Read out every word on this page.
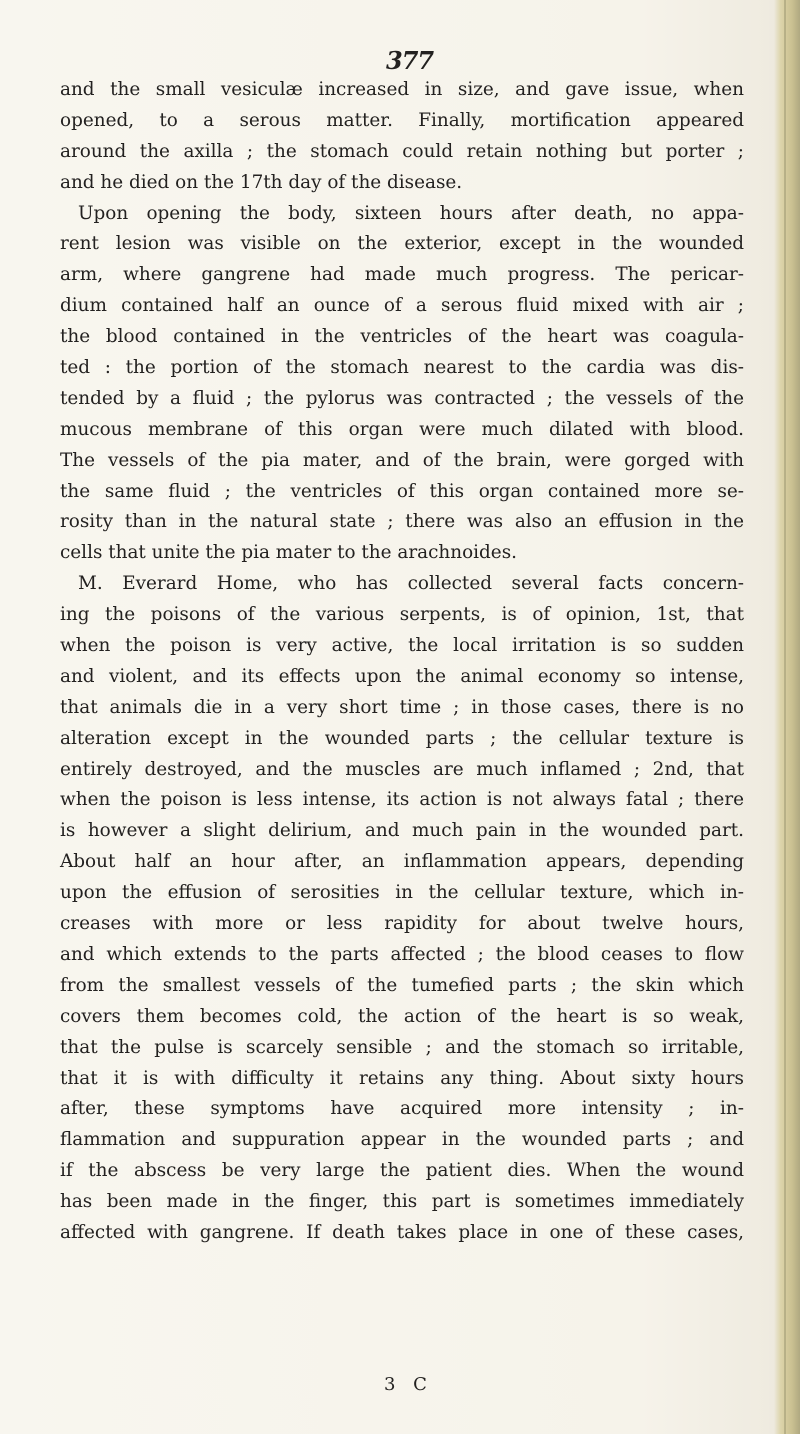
377
and the small vesiculæ increased in size, and gave issue, when
opened, to a serous matter. Finally, mortification appeared
around the axilla ; the stomach could retain nothing but porter ;
and he died on the 17th day of the disease.
Upon opening the body, sixteen hours after death, no appa-
rent lesion was visible on the exterior, except in the wounded
arm, where gangrene had made much progress. The pericar-
dium contained half an ounce of a serous fluid mixed with air ;
the blood contained in the ventricles of the heart was coagula-
ted : the portion of the stomach nearest to the cardia was dis-
tended by a fluid ; the pylorus was contracted ; the vessels of the
mucous membrane of this organ were much dilated with blood.
The vessels of the pia mater, and of the brain, were gorged with
the same fluid ; the ventricles of this organ contained more se-
rosity than in the natural state ; there was also an effusion in the
cells that unite the pia mater to the arachnoides.
M. Everard Home, who has collected several facts concern-
ing the poisons of the various serpents, is of opinion, 1st, that
when the poison is very active, the local irritation is so sudden
and violent, and its effects upon the animal economy so intense,
that animals die in a very short time ; in those cases, there is no
alteration except in the wounded parts ; the cellular texture is
entirely destroyed, and the muscles are much inflamed ; 2nd, that
when the poison is less intense, its action is not always fatal ; there
is however a slight delirium, and much pain in the wounded part.
About half an hour after, an inflammation appears, depending
upon the effusion of serosities in the cellular texture, which in-
creases with more or less rapidity for about twelve hours,
and which extends to the parts affected ; the blood ceases to flow
from the smallest vessels of the tumefied parts ; the skin which
covers them becomes cold, the action of the heart is so weak,
that the pulse is scarcely sensible ; and the stomach so irritable,
that it is with difficulty it retains any thing. About sixty hours
after, these symptoms have acquired more intensity ; in-
flammation and suppuration appear in the wounded parts ; and
if the abscess be very large the patient dies. When the wound
has been made in the finger, this part is sometimes immediately
affected with gangrene. If death takes place in one of these cases,
3 C
